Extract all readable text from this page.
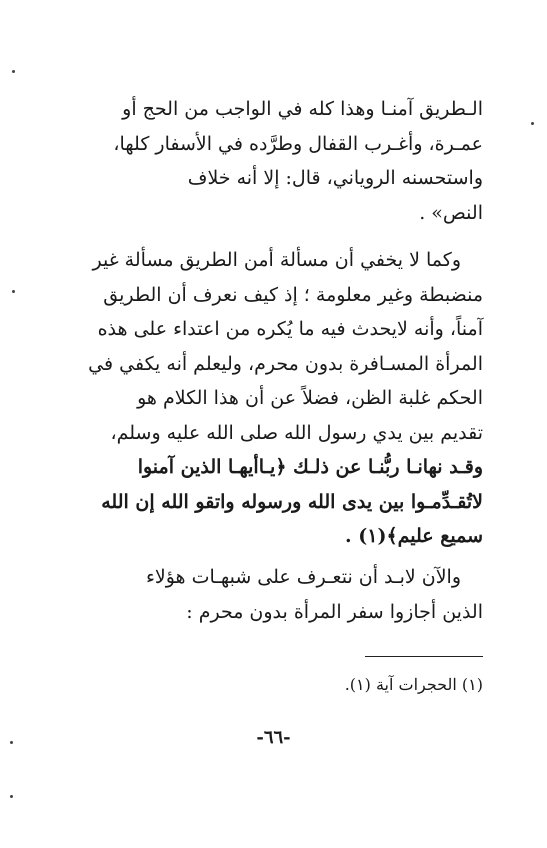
الـطريق آمنـا وهذا كله في الواجب من الحج أو
عمـرة، وأغـرب القفال وطرَّده في الأسفار كلها،
واستحسنه الروياني، قال: إلا أنه خلاف
النص» .
وكما لا يخفي أن مسألة أمن الطريق مسألة غير
منضبطة وغير معلومة ؛ إذ كيف نعرف أن الطريق
آمناً، وأنه لايحدث فيه ما يُكره من اعتداء على هذه
المرأة المسـافرة بدون محرم، وليعلم أنه يكفي في
الحكم غلبة الظن، فضلاً عن أن هذا الكلام هو
تقديم بين يدي رسول الله صلى الله عليه وسلم،
وقـد نهانـا ربُّنـا عن ذلـك ﴿يـاأيهـا الذين آمنوا
لاتُقـدِّمـوا بين يدى الله ورسوله واتقو الله إن الله
سميع عليم﴾(١) .
والآن لابـد أن نتعـرف على شبهـات هؤلاء
الذين أجازوا سفر المرأة بدون محرم :
(١) الحجرات آية (١).
-٦٦-
